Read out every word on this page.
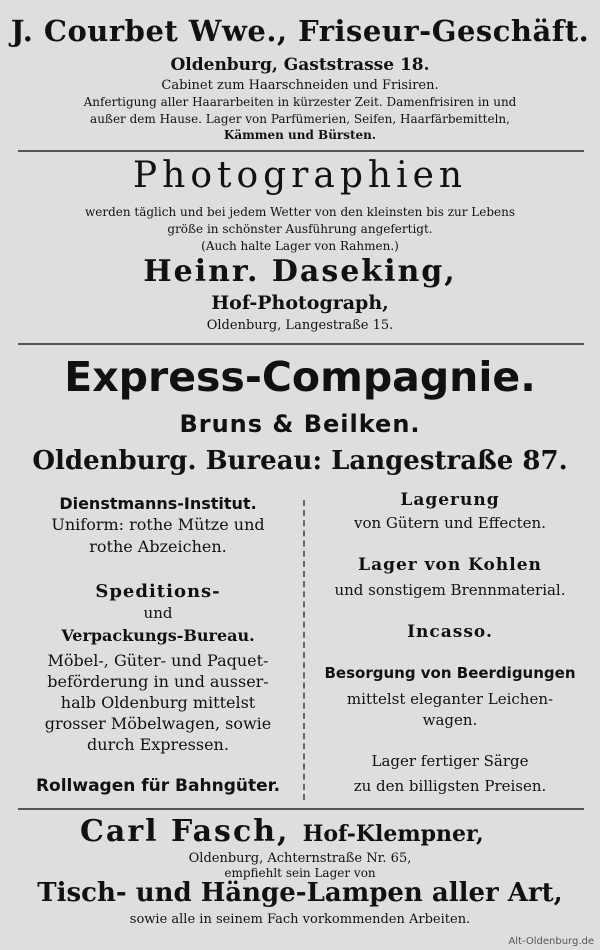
J. Courbet Wwe., Friseur-Geschäft.
Oldenburg, Gaststrasse 18.
Cabinet zum Haarschneiden und Frisiren.
Anfertigung aller Haararbeiten in kürzester Zeit. Damenfrisiren in und
außer dem Hause. Lager von Parfümerien, Seifen, Haarfärbemitteln,
Kämmen und Bürsten.
Photographien
werden täglich und bei jedem Wetter von den kleinsten bis zur Lebens
größe in schönster Ausführung angefertigt.
(Auch halte Lager von Rahmen.)
Heinr. Daseking,
Hof-Photograph,
Oldenburg, Langestraße 15.
Express-Compagnie.
Bruns & Beilken.
Oldenburg. Bureau: Langestraße 87.
Dienstmanns-Institut.
Uniform: rothe Mütze und
rothe Abzeichen.
Speditions-
und
Verpackungs-Bureau.
Möbel-, Güter- und Paquet-
beförderung in und ausser-
halb Oldenburg mittelst
grosser Möbelwagen, sowie
durch Expressen.
Rollwagen für Bahngüter.
Lagerung
von Gütern und Effecten.
Lager von Kohlen
und sonstigem Brennmaterial.
Incasso.
Besorgung von Beerdigungen
mittelst eleganter Leichen-
wagen.
Lager fertiger Särge
zu den billigsten Preisen.
Carl Fasch, Hof-Klempner,
Oldenburg, Achternstraße Nr. 65,
empfiehlt sein Lager von
Tisch- und Hänge-Lampen aller Art,
sowie alle in seinem Fach vorkommenden Arbeiten.
Alt-Oldenburg.de
